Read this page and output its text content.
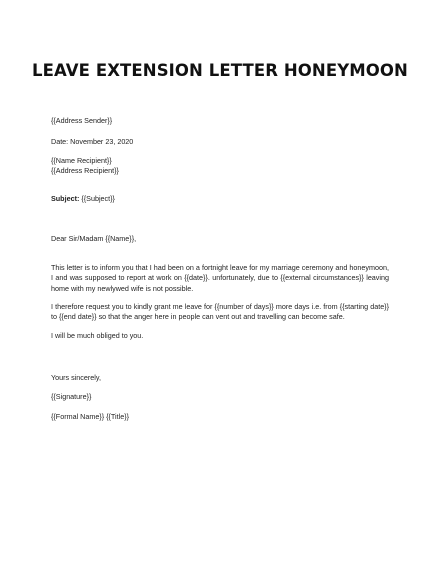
LEAVE EXTENSION LETTER HONEYMOON
{{Address Sender}}
Date: November 23, 2020
{{Name Recipient}}
{{Address Recipient}}
Subject: {{Subject}}
Dear Sir/Madam {{Name}},

This letter is to inform you that I had been on a fortnight leave for my marriage ceremony and honeymoon, I and was supposed to report at work on {{date}}. unfortunately, due to {{external circumstances}} leaving home with my newlywed wife is not possible.

I therefore request you to kindly grant me leave for {{number of days}} more days i.e. from {{starting date}} to {{end date}} so that the anger here in people can vent out and travelling can become safe.

I will be much obliged to you.

Yours sincerely,
{{Signature}}
{{Formal Name}} {{Title}}
